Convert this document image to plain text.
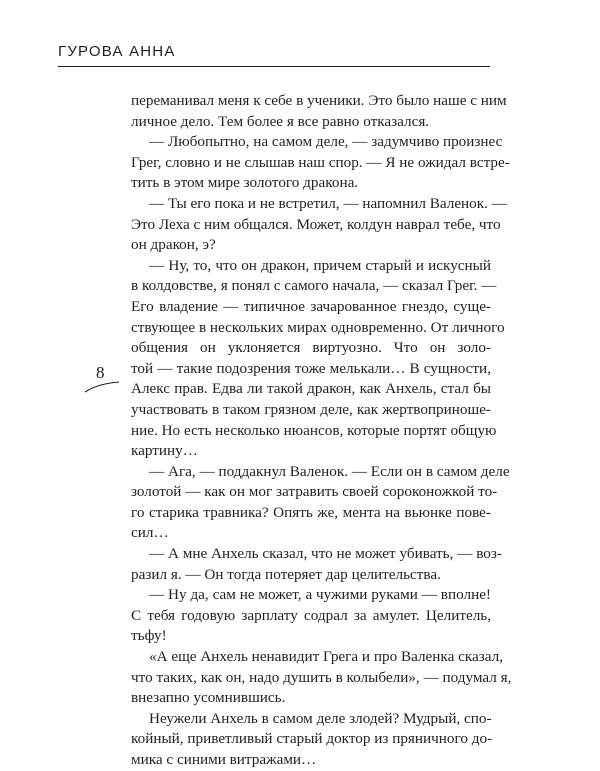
ГУРОВА АННА
8
переманивал меня к себе в ученики. Это было наше с ним
личное дело. Тем более я все равно отказался.
— Любопытно, на самом деле, — задумчиво произнес
Грег, словно и не слышав наш спор. — Я не ожидал встре-
тить в этом мире золотого дракона.
— Ты его пока и не встретил, — напомнил Валенок. —
Это Леха с ним общался. Может, колдун наврал тебе, что
он дракон, э?
— Ну, то, что он дракон, причем старый и искусный
в колдовстве, я понял с самого начала, — сказал Грег. —
Его владение — типичное зачарованное гнездо, суще-
ствующее в нескольких мирах одновременно. От личного
общения он уклоняется виртуозно. Что он золо-
той — такие подозрения тоже мелькали… В сущности,
Алекс прав. Едва ли такой дракон, как Анхель, стал бы
участвовать в таком грязном деле, как жертвоприноше-
ние. Но есть несколько нюансов, которые портят общую
картину…
— Ага, — поддакнул Валенок. — Если он в самом деле
золотой — как он мог затравить своей сороконожкой то-
го старика травника? Опять же, мента на вьюнке пове-
сил…
— А мне Анхель сказал, что не может убивать, — воз-
разил я. — Он тогда потеряет дар целительства.
— Ну да, сам не может, а чужими руками — вполне!
С тебя годовую зарплату содрал за амулет. Целитель,
тьфу!
«А еще Анхель ненавидит Грега и про Валенка сказал,
что таких, как он, надо душить в колыбели», — подумал я,
внезапно усомнившись.
Неужели Анхель в самом деле злодей? Мудрый, спо-
койный, приветливый старый доктор из пряничного до-
мика с синими витражами…
